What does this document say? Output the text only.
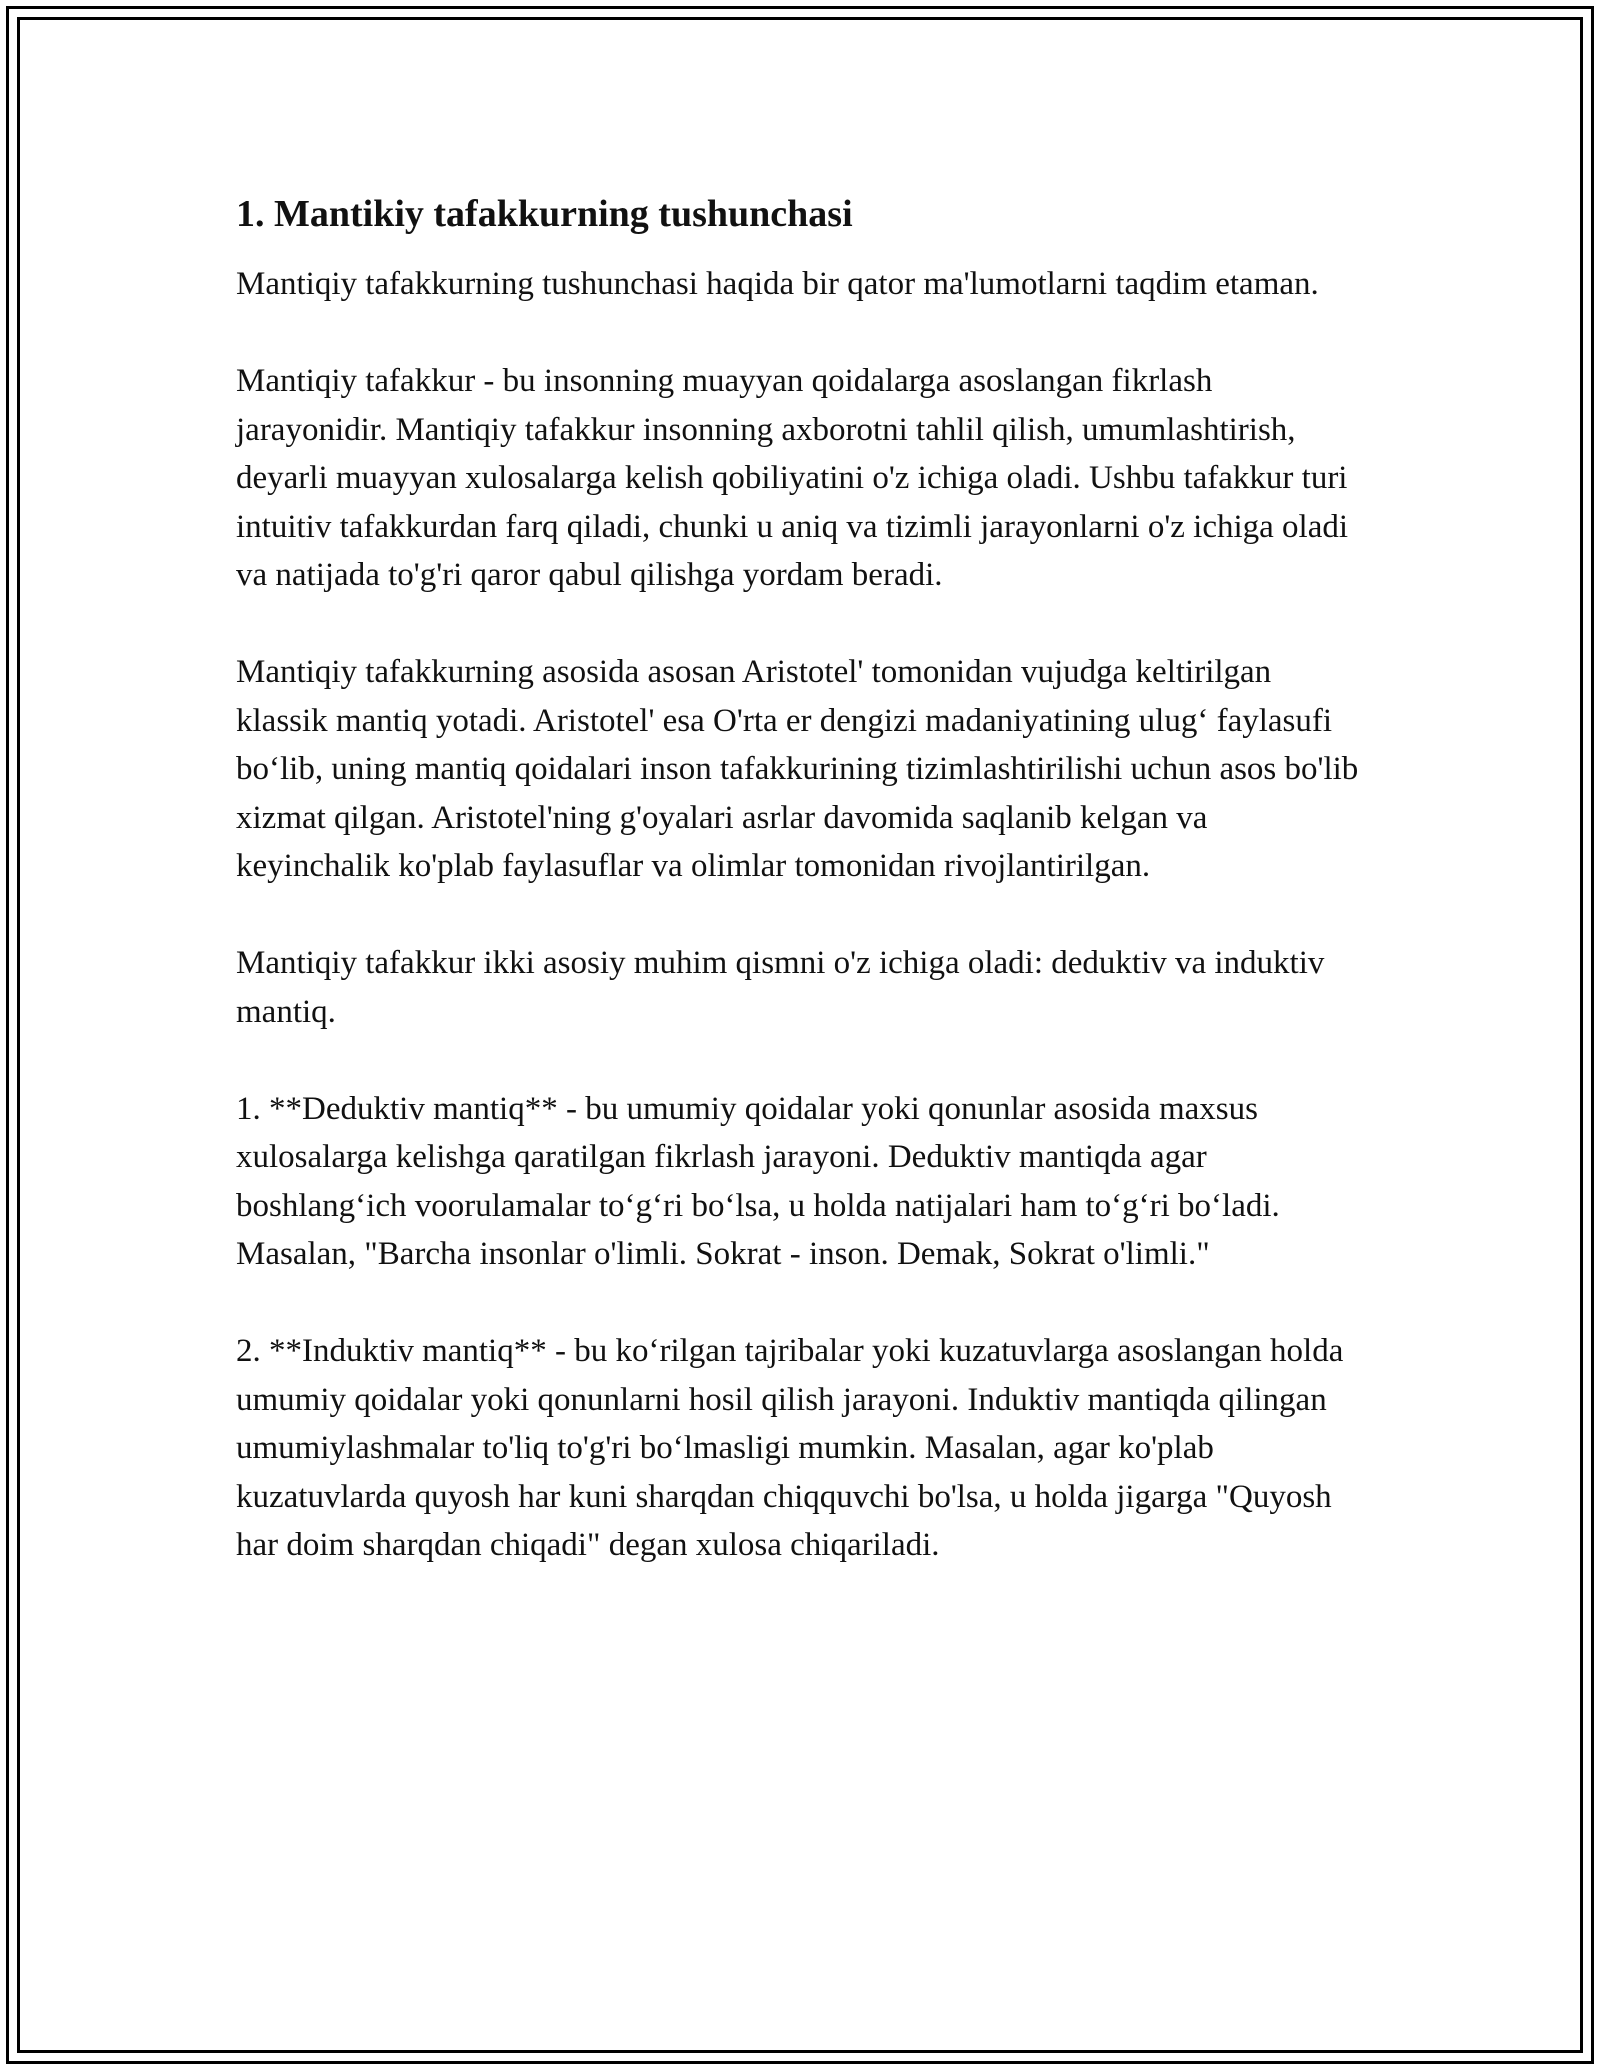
1. Mantikiy tafakkurning tushunchasi

Mantiqiy tafakkurning tushunchasi haqida bir qator ma'lumotlarni taqdim etaman.

Mantiqiy tafakkur - bu insonning muayyan qoidalarga asoslangan fikrlash jarayonidir. Mantiqiy tafakkur insonning axborotni tahlil qilish, umumlashtirish, deyarli muayyan xulosalarga kelish qobiliyatini o'z ichiga oladi. Ushbu tafakkur turi intuitiv tafakkurdan farq qiladi, chunki u aniq va tizimli jarayonlarni o'z ichiga oladi va natijada to'g'ri qaror qabul qilishga yordam beradi.

Mantiqiy tafakkurning asosida asosan Aristotel' tomonidan vujudga keltirilgan klassik mantiq yotadi. Aristotel' esa O'rta er dengizi madaniyatining ulug‘ faylasufi bo‘lib, uning mantiq qoidalari inson tafakkurining tizimlashtirilishi uchun asos bo'lib xizmat qilgan. Aristotel'ning g'oyalari asrlar davomida saqlanib kelgan va keyinchalik ko'plab faylasuflar va olimlar tomonidan rivojlantirilgan.

Mantiqiy tafakkur ikki asosiy muhim qismni o'z ichiga oladi: deduktiv va induktiv mantiq.

1. **Deduktiv mantiq** - bu umumiy qoidalar yoki qonunlar asosida maxsus xulosalarga kelishga qaratilgan fikrlash jarayoni. Deduktiv mantiqda agar boshlang‘ich voorulamalar to‘g‘ri bo‘lsa, u holda natijalari ham to‘g‘ri bo‘ladi. Masalan, "Barcha insonlar o'limli. Sokrat - inson. Demak, Sokrat o'limli."

2. **Induktiv mantiq** - bu ko‘rilgan tajribalar yoki kuzatuvlarga asoslangan holda umumiy qoidalar yoki qonunlarni hosil qilish jarayoni. Induktiv mantiqda qilingan umumiylashmalar to'liq to'g'ri bo‘lmasligi mumkin. Masalan, agar ko'plab kuzatuvlarda quyosh har kuni sharqdan chiqquvchi bo'lsa, u holda jigarga "Quyosh har doim sharqdan chiqadi" degan xulosa chiqariladi.
